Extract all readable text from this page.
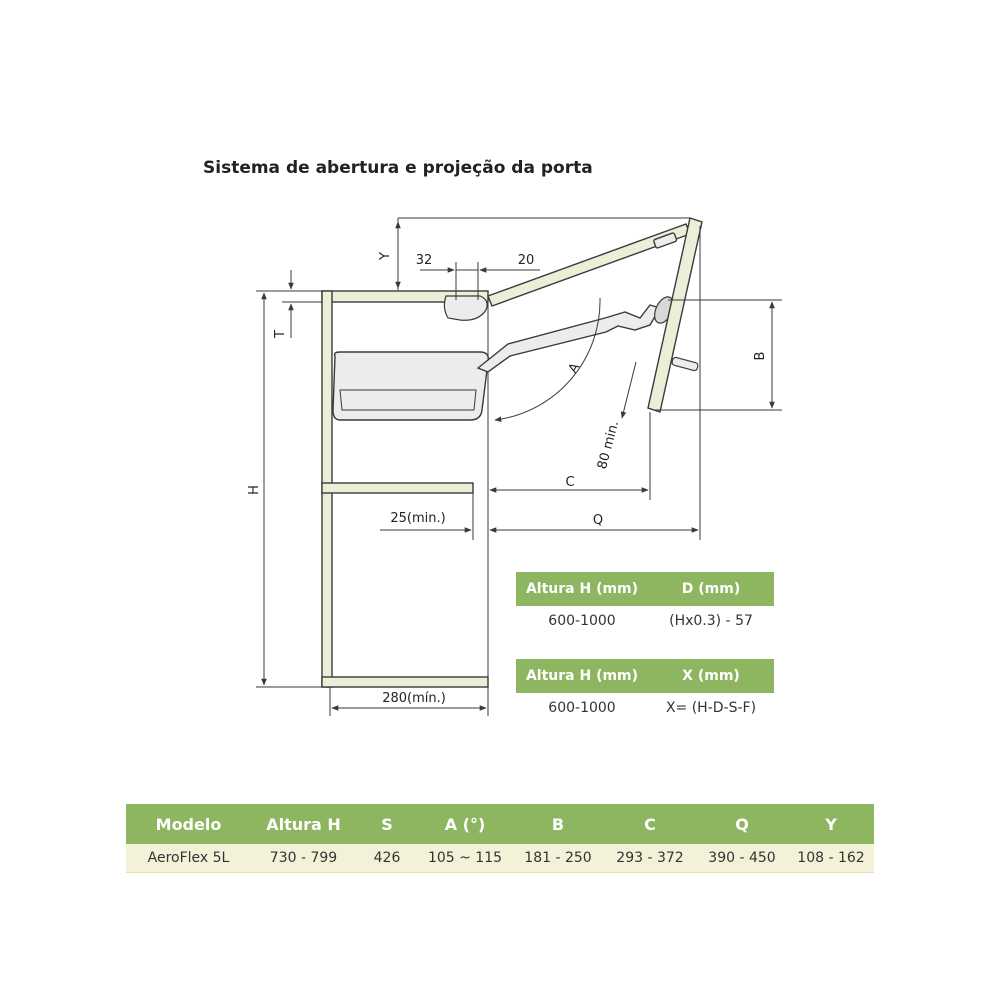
Sistema de abertura e projeção da porta
Y 32	20
T
H
A
B
80 min.
C
25(min.)	Q
280(mín.)
Altura H (mm)	D (mm)
600-1000	(Hx0.3) - 57
Altura H (mm)	X (mm)
600-1000	X= (H-D-S-F)
Modelo	Altura H	S	A (°)	B	C	Q	Y
AeroFlex 5L	730 - 799	426	105 ~ 115	181 - 250	293 - 372	390 - 450	108 - 162
